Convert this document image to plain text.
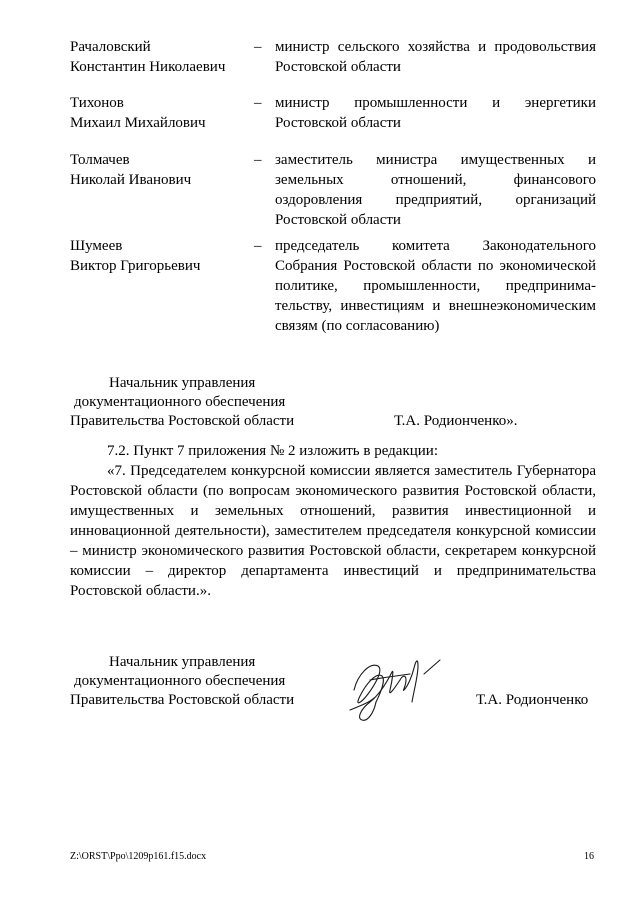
Рачаловский
Константин Николаевич
– министр сельского хозяйства и продовольствия Ростовской области
Тихонов
Михаил Михайлович
– министр промышленности и энергетики Ростовской области
Толмачев
Николай Иванович
– заместитель министра имущественных и земельных отношений, финансового оздоровления предприятий, организаций Ростовской области
Шумеев
Виктор Григорьевич
– председатель комитета Законодательного Собрания Ростовской области по экономической политике, промышленности, предпринима-тельству, инвестициям и внешнеэкономическим связям (по согласованию)
Начальник управления
документационного обеспечения
Правительства Ростовской области	Т.А. Родионченко».

7.2. Пункт 7 приложения № 2 изложить в редакции:

«7. Председателем конкурсной комиссии является заместитель Губернатора Ростовской области (по вопросам экономического развития Ростовской области, имущественных и земельных отношений, развития инвестиционной и инновационной деятельности), заместителем председателя конкурсной комиссии – министр экономического развития Ростовской области, секретарем конкурсной комиссии – директор департамента инвестиций и предпринимательства Ростовской области.».

Начальник управления
документационного обеспечения
Правительства Ростовской области	Т.А. Родионченко
Z:\ORST\Ppo\1209p161.f15.docx	16
